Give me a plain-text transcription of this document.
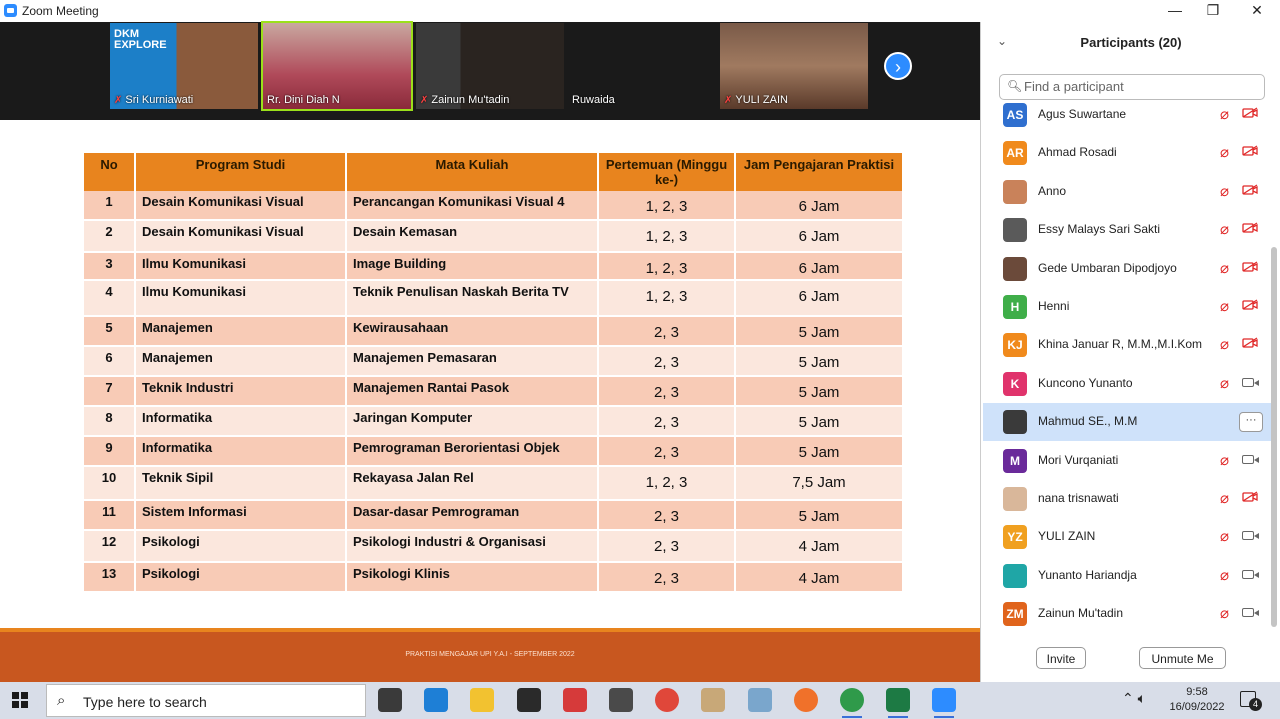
Zoom Meeting	—	❐	✕
DKM EXPLORE
✗ Sri Kurniawati	Rr. Dini Diah N	✗ Zainun Mu'tadin	Ruwaida	✗ YULI ZAIN
›
No	Program Studi	Mata Kuliah	Pertemuan (Minggu ke-)	Jam Pengajaran Praktisi
1	Desain Komunikasi Visual	Perancangan Komunikasi Visual 4	1, 2, 3	6 Jam
2	Desain Komunikasi Visual	Desain Kemasan	1, 2, 3	6 Jam
3	Ilmu Komunikasi	Image Building	1, 2, 3	6 Jam
4	Ilmu Komunikasi	Teknik Penulisan Naskah Berita TV	1, 2, 3	6 Jam
5	Manajemen	Kewirausahaan	2, 3	5 Jam
6	Manajemen	Manajemen Pemasaran	2, 3	5 Jam
7	Teknik Industri	Manajemen Rantai Pasok	2, 3	5 Jam
8	Informatika	Jaringan Komputer	2, 3	5 Jam
9	Informatika	Pemrograman Berorientasi Objek	2, 3	5 Jam
10	Teknik Sipil	Rekayasa Jalan Rel	1, 2, 3	7,5 Jam
11	Sistem Informasi	Dasar-dasar Pemrograman	2, 3	5 Jam
12	Psikologi	Psikologi Industri & Organisasi	2, 3	4 Jam
13	Psikologi	Psikologi Klinis	2, 3	4 Jam
PRAKTISI MENGAJAR UPI Y.A.I - SEPTEMBER 2022
⌄	Participants (20)
🔍︎ Find a participant
AS	Agus Suwartane	⌀
AR Ahmad Rosadi	⌀
Anno	⌀
Essy Malays Sari Sakti	⌀
Gede Umbaran Dipodjoyo	⌀
H	Henni	⌀
KJ	Khina Januar R, M.M.,M.I.Kom ⌀
K	Kuncono Yunanto	⌀
Mahmud SE., M.M	···
M	Mori Vurqaniati	⌀
nana trisnawati	⌀
YZ	YULI ZAIN	⌀
Yunanto Hariandja	⌀
ZM Zainun Mu'tadin	⌀
Invite	Unmute Me
⌕ Type here to search	⌃ 🔈︎	9:58
16/09/2022	4
